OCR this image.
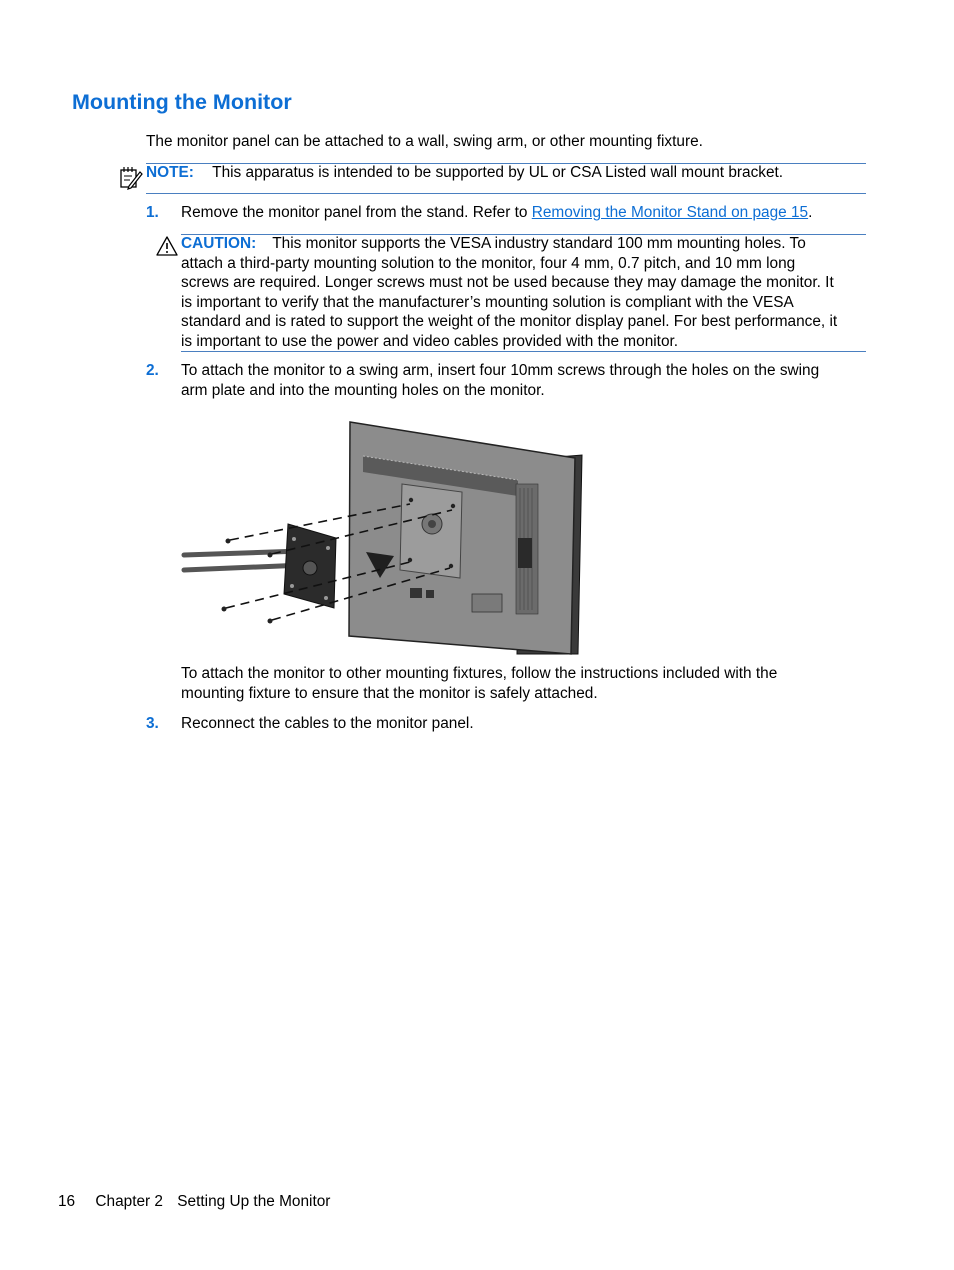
Mounting the Monitor
The monitor panel can be attached to a wall, swing arm, or other mounting fixture.
NOTE: This apparatus is intended to be supported by UL or CSA Listed wall mount bracket.
1. Remove the monitor panel from the stand. Refer to Removing the Monitor Stand on page 15.
CAUTION: This monitor supports the VESA industry standard 100 mm mounting holes. To
attach a third-party mounting solution to the monitor, four 4 mm, 0.7 pitch, and 10 mm long
screws are required. Longer screws must not be used because they may damage the monitor. It
is important to verify that the manufacturer’s mounting solution is compliant with the VESA
standard and is rated to support the weight of the monitor display panel. For best performance, it
is important to use the power and video cables provided with the monitor.
2. To attach the monitor to a swing arm, insert four 10mm screws through the holes on the swing
arm plate and into the mounting holes on the monitor.
To attach the monitor to other mounting fixtures, follow the instructions included with the
mounting fixture to ensure that the monitor is safely attached.
3. Reconnect the cables to the monitor panel.
16 Chapter 2 Setting Up the Monitor
